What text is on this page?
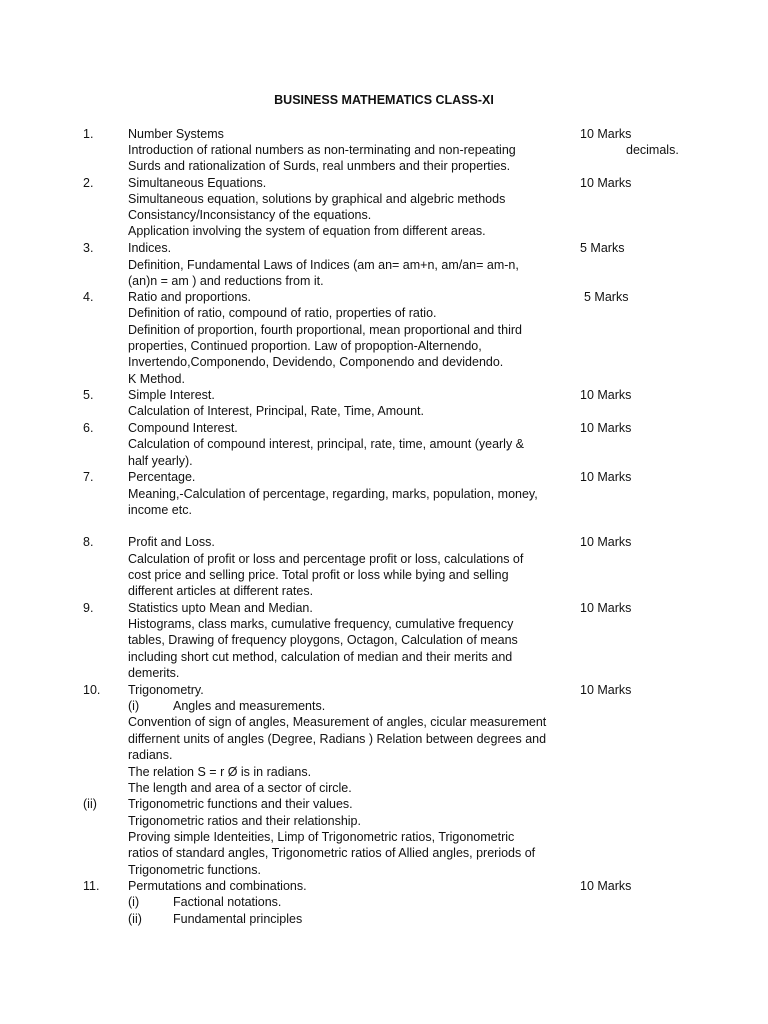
BUSINESS MATHEMATICS CLASS-XI
1.	Number Systems	10 Marks
Introduction of rational numbers as non-terminating and non-repeating	decimals.
Surds and rationalization of Surds, real unmbers and their properties.
2.	Simultaneous Equations.	10 Marks
Simultaneous equation, solutions by graphical and algebric methods
Consistancy/Inconsistancy of the equations.
Application involving the system of equation from different areas.
3.	Indices.	5 Marks
Definition, Fundamental Laws of Indices (am an= am+n, am/an= am-n,
(an)n = am ) and reductions from it.
4.	Ratio and proportions.	5 Marks
Definition of ratio, compound of ratio, properties of ratio.
Definition of proportion, fourth proportional, mean proportional and third
properties, Continued proportion. Law of propoption-Alternendo,
Invertendo,Componendo, Devidendo, Componendo and devidendo.
K Method.
5.	Simple Interest.	10 Marks
Calculation of Interest, Principal, Rate, Time, Amount.
6.	Compound Interest.	10 Marks
Calculation of compound interest, principal, rate, time, amount (yearly &
half yearly).
7.	Percentage.	10 Marks
Meaning,-Calculation of percentage, regarding, marks, population, money,
income etc.
8.	Profit and Loss.	10 Marks
Calculation of profit or loss and percentage profit or loss, calculations of
cost price and selling price. Total profit or loss while bying and selling
different articles at different rates.
9.	Statistics upto Mean and Median.	10 Marks
Histograms, class marks, cumulative frequency, cumulative frequency
tables, Drawing of frequency ploygons, Octagon, Calculation of means
including short cut method, calculation of median and their merits and
demerits.
10. Trigonometry.	10 Marks
(i)	Angles and measurements.
Convention of sign of angles, Measurement of angles, cicular measurement
differnent units of angles (Degree, Radians ) Relation between degrees and
radians.
The relation S = r Ø is in radians.
The length and area of a sector of circle.
(ii) Trigonometric functions and their values.
Trigonometric ratios and their relationship.
Proving simple Identeities, Limp of Trigonometric ratios, Trigonometric
ratios of standard angles, Trigonometric ratios of Allied angles, preriods of
Trigonometric functions.
11. Permutations and combinations.	10 Marks
(i)	Factional notations.
(ii) Fundamental principles
